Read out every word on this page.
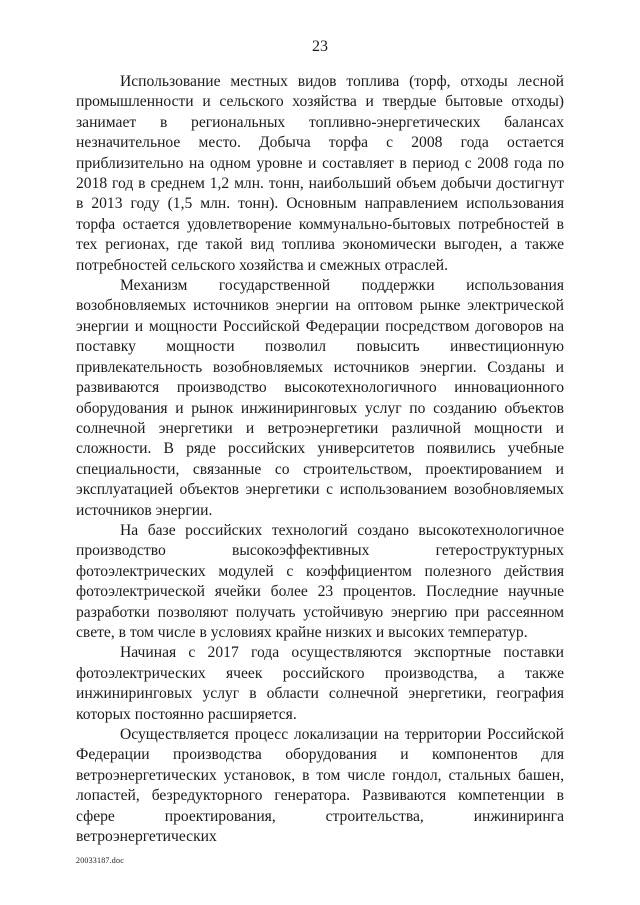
23

Использование местных видов топлива (торф, отходы лесной промышленности и сельского хозяйства и твердые бытовые отходы) занимает в региональных топливно-энергетических балансах незначительное место. Добыча торфа с 2008 года остается приблизительно на одном уровне и составляет в период с 2008 года по 2018 год в среднем 1,2 млн. тонн, наибольший объем добычи достигнут в 2013 году (1,5 млн. тонн). Основным направлением использования торфа остается удовлетворение коммунально-бытовых потребностей в тех регионах, где такой вид топлива экономически выгоден, а также потребностей сельского хозяйства и смежных отраслей.

Механизм государственной поддержки использования возобновляемых источников энергии на оптовом рынке электрической энергии и мощности Российской Федерации посредством договоров на поставку мощности позволил повысить инвестиционную привлекательность возобновляемых источников энергии. Созданы и развиваются производство высокотехнологичного инновационного оборудования и рынок инжиниринговых услуг по созданию объектов солнечной энергетики и ветроэнергетики различной мощности и сложности. В ряде российских университетов появились учебные специальности, связанные со строительством, проектированием и эксплуатацией объектов энергетики с использованием возобновляемых источников энергии.

На базе российских технологий создано высокотехнологичное производство высокоэффективных гетероструктурных фотоэлектрических модулей с коэффициентом полезного действия фотоэлектрической ячейки более 23 процентов. Последние научные разработки позволяют получать устойчивую энергию при рассеянном свете, в том числе в условиях крайне низких и высоких температур.

Начиная с 2017 года осуществляются экспортные поставки фотоэлектрических ячеек российского производства, а также инжиниринговых услуг в области солнечной энергетики, география которых постоянно расширяется.

Осуществляется процесс локализации на территории Российской Федерации производства оборудования и компонентов для ветроэнергетических установок, в том числе гондол, стальных башен, лопастей, безредукторного генератора. Развиваются компетенции в сфере проектирования, строительства, инжиниринга ветроэнергетических

20033187.doc
